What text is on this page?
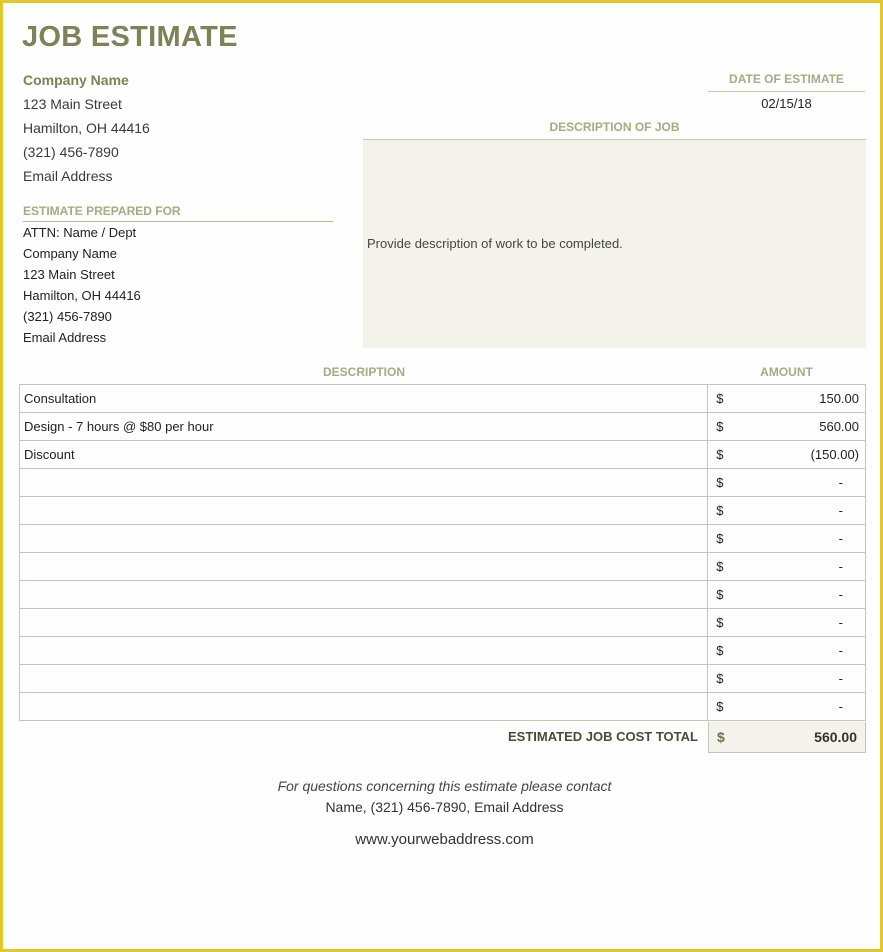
JOB ESTIMATE
Company Name
123 Main Street
Hamilton, OH 44416
(321) 456-7890
Email Address
ESTIMATE PREPARED FOR
ATTN: Name / Dept
Company Name
123 Main Street
Hamilton, OH 44416
(321) 456-7890
Email Address
DATE OF ESTIMATE
02/15/18
DESCRIPTION OF JOB
Provide description of work to be completed.
DESCRIPTION	AMOUNT
Consultation	$ 150.00

Design - 7 hours @ $80 per hour	$ 560.00

Discount	$ (150.00)

	$ -

	$ -

	$ -

	$ -

	$ -

	$ -

	$ -

	$ -

	$ -
ESTIMATED JOB COST TOTAL $	560.00
For questions concerning this estimate please contact
Name, (321) 456-7890, Email Address
www.yourwebaddress.com
